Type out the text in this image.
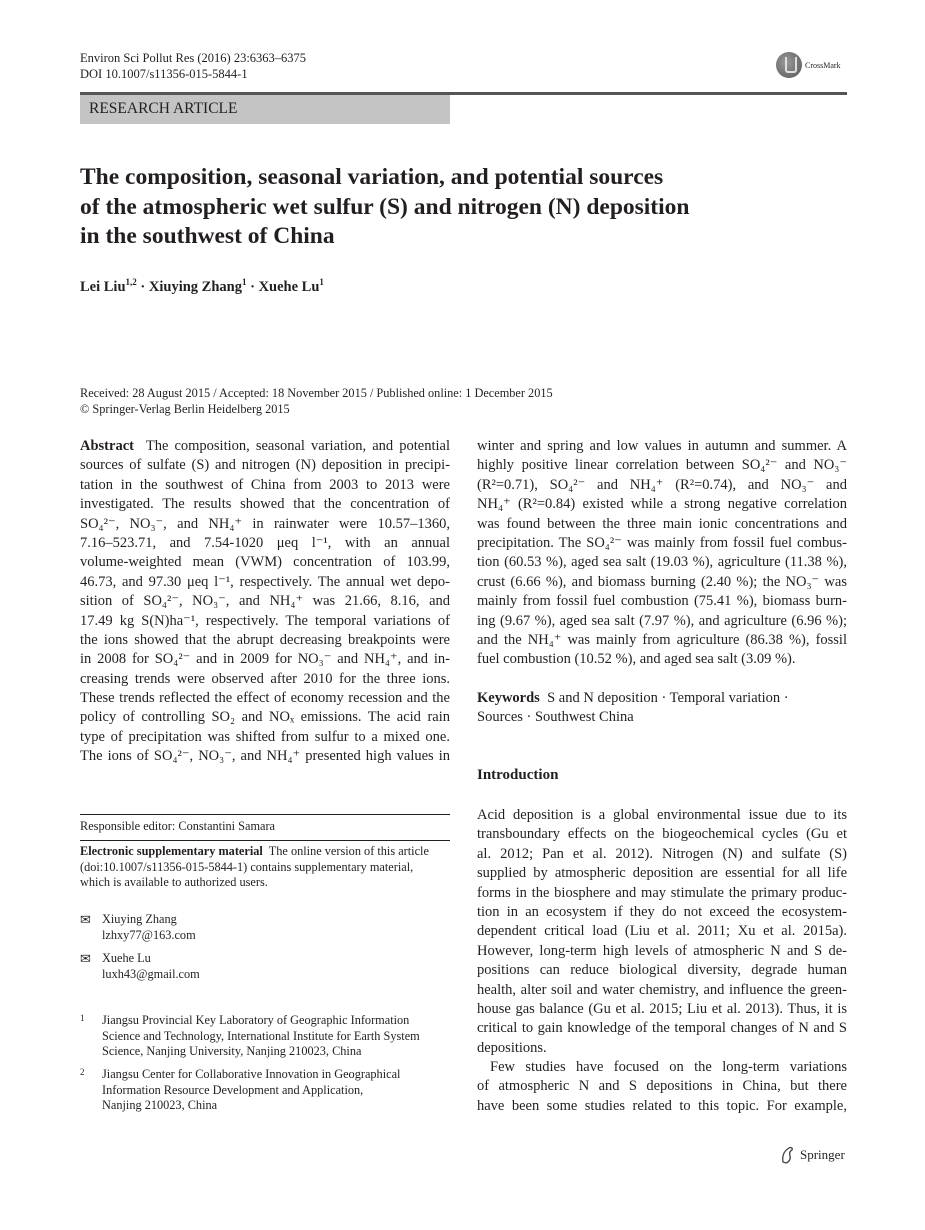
Environ Sci Pollut Res (2016) 23:6363–6375
DOI 10.1007/s11356-015-5844-1
CrossMark
RESEARCH ARTICLE
The composition, seasonal variation, and potential sources
of the atmospheric wet sulfur (S) and nitrogen (N) deposition
in the southwest of China
Lei Liu$^{1,2}$ · Xiuying Zhang$^1$ · Xuehe Lu$^1$
Received: 28 August 2015 / Accepted: 18 November 2015 / Published online: 1 December 2015
© Springer-Verlag Berlin Heidelberg 2015
Abstract The composition, seasonal variation, and potential
sources of sulfate (S) and nitrogen (N) deposition in precipi-
tation in the southwest of China from 2003 to 2013 were
investigated. The results showed that the concentration of
SO₄²⁻, NO₃⁻, and NH₄⁺ in rainwater were 10.57–1360,
7.16–523.71, and 7.54-1020 μeq l⁻¹, with an annual
volume-weighted mean (VWM) concentration of 103.99,
46.73, and 97.30 μeq l⁻¹, respectively. The annual wet depo-
sition of SO₄²⁻, NO₃⁻, and NH₄⁺ was 21.66, 8.16, and
17.49 kg S(N)ha⁻¹, respectively. The temporal variations of
the ions showed that the abrupt decreasing breakpoints were
in 2008 for SO₄²⁻ and in 2009 for NO₃⁻ and NH₄⁺, and in-
creasing trends were observed after 2010 for the three ions.
These trends reflected the effect of economy recession and the
policy of controlling SO₂ and NOₓ emissions. The acid rain
type of precipitation was shifted from sulfur to a mixed one.
The ions of SO₄²⁻, NO₃⁻, and NH₄⁺ presented high values in
winter and spring and low values in autumn and summer. A
highly positive linear correlation between SO₄²⁻ and NO₃⁻
(R²=0.71), SO₄²⁻ and NH₄⁺ (R²=0.74), and NO₃⁻ and
NH₄⁺ (R²=0.84) existed while a strong negative correlation
was found between the three main ionic concentrations and
precipitation. The SO₄²⁻ was mainly from fossil fuel combus-
tion (60.53 %), aged sea salt (19.03 %), agriculture (11.38 %),
crust (6.66 %), and biomass burning (2.40 %); the NO₃⁻ was
mainly from fossil fuel combustion (75.41 %), biomass burn-
ing (9.67 %), aged sea salt (7.97 %), and agriculture (6.96 %);
and the NH₄⁺ was mainly from agriculture (86.38 %), fossil
fuel combustion (10.52 %), and aged sea salt (3.09 %).
Keywords S and N deposition · Temporal variation ·
Sources · Southwest China
Introduction
Acid deposition is a global environmental issue due to its
transboundary effects on the biogeochemical cycles (Gu et
al. 2012; Pan et al. 2012). Nitrogen (N) and sulfate (S)
supplied by atmospheric deposition are essential for all life
forms in the biosphere and may stimulate the primary produc-
tion in an ecosystem if they do not exceed the ecosystem-
dependent critical load (Liu et al. 2011; Xu et al. 2015a).
However, long-term high levels of atmospheric N and S de-
positions can reduce biological diversity, degrade human
health, alter soil and water chemistry, and influence the green-
house gas balance (Gu et al. 2015; Liu et al. 2013). Thus, it is
critical to gain knowledge of the temporal changes of N and S
depositions.
Few studies have focused on the long-term variations
of atmospheric N and S depositions in China, but there
have been some studies related to this topic. For example,
Responsible editor: Constantini Samara
Electronic supplementary material The online version of this article
(doi:10.1007/s11356-015-5844-1) contains supplementary material,
which is available to authorized users.
✉ Xiuying Zhang
lzhxy77@163.com
✉ Xuehe Lu
luxh43@gmail.com
1 Jiangsu Provincial Key Laboratory of Geographic Information
Science and Technology, International Institute for Earth System
Science, Nanjing University, Nanjing 210023, China
2 Jiangsu Center for Collaborative Innovation in Geographical
Information Resource Development and Application,
Nanjing 210023, China
Springer
